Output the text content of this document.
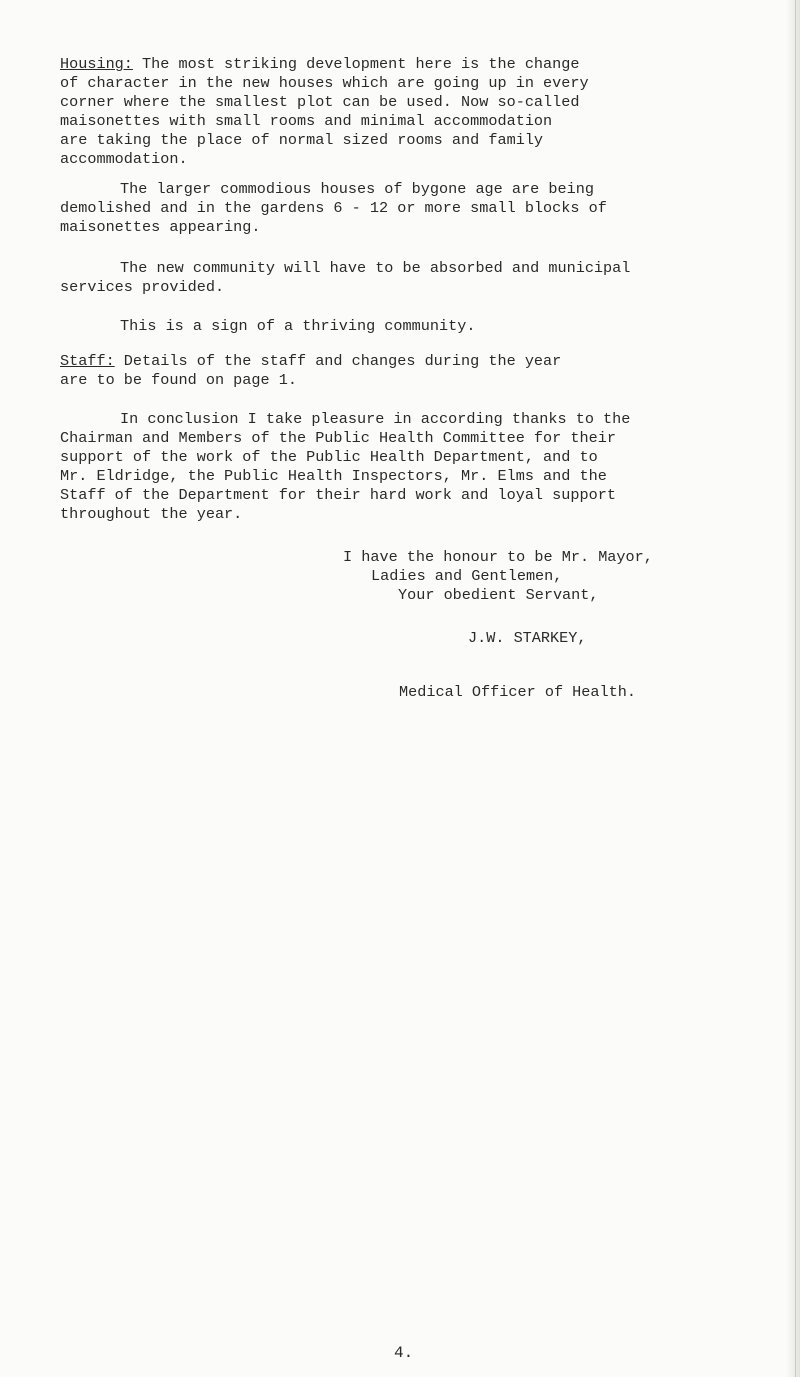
Housing: The most striking development here is the change
of character in the new houses which are going up in every
corner where the smallest plot can be used. Now so-called
maisonettes with small rooms and minimal accommodation
are taking the place of normal sized rooms and family
accommodation.
The larger commodious houses of bygone age are being
demolished and in the gardens 6 - 12 or more small blocks of
maisonettes appearing.
The new community will have to be absorbed and municipal
services provided.
This is a sign of a thriving community.
Staff: Details of the staff and changes during the year
are to be found on page 1.
In conclusion I take pleasure in according thanks to the
Chairman and Members of the Public Health Committee for their
support of the work of the Public Health Department, and to
Mr. Eldridge, the Public Health Inspectors, Mr. Elms and the
Staff of the Department for their hard work and loyal support
throughout the year.
I have the honour to be Mr. Mayor,
Ladies and Gentlemen,
Your obedient Servant,
J.W. STARKEY,
Medical Officer of Health.
4.
